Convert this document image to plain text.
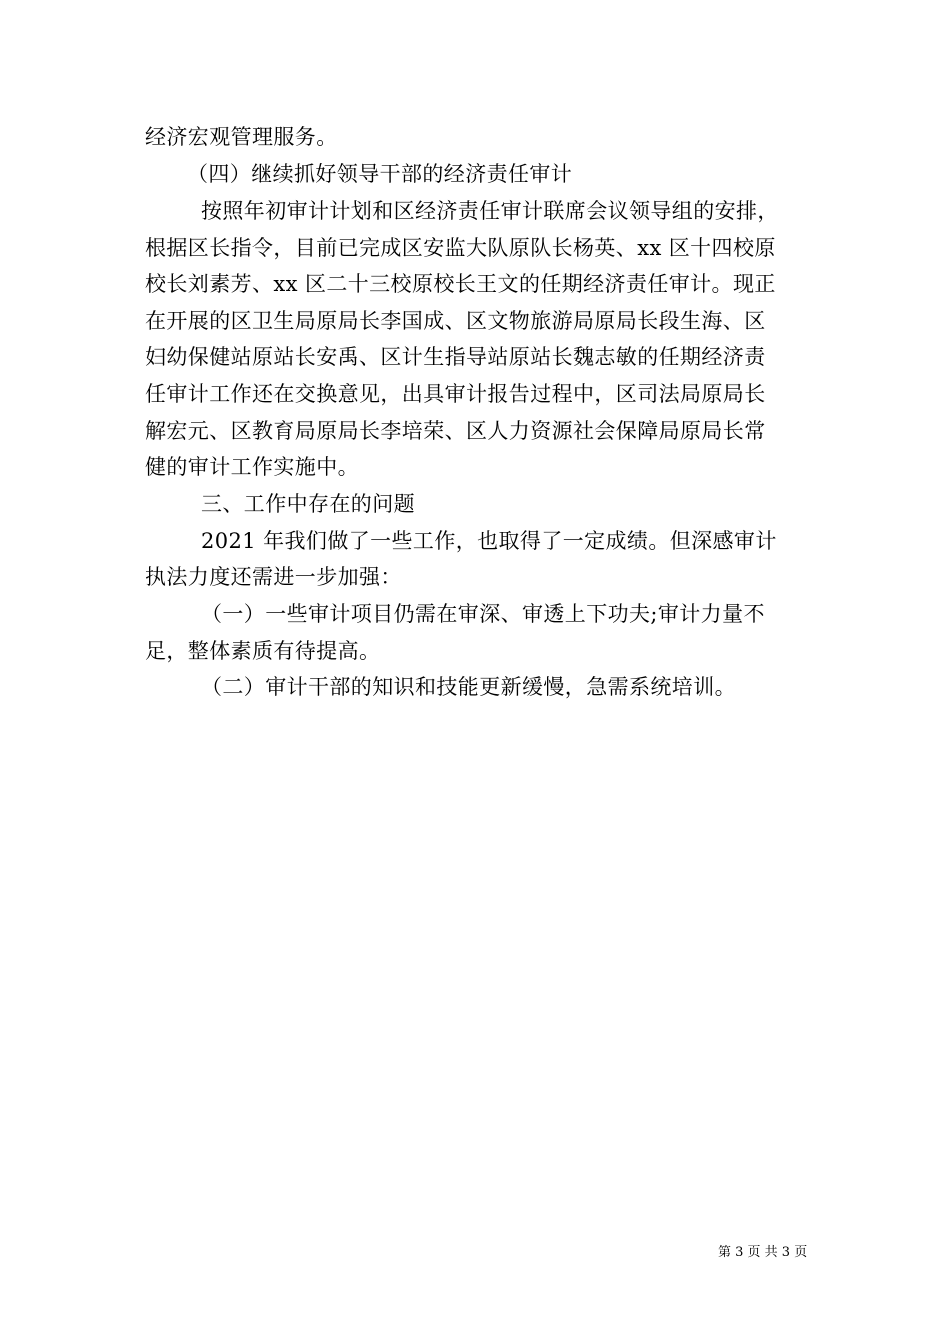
经济宏观管理服务。
（四）继续抓好领导干部的经济责任审计
按照年初审计计划和区经济责任审计联席会议领导组的安排，
根据区长指令，目前已完成区安监大队原队长杨英、xx 区十四校原
校长刘素芳、xx 区二十三校原校长王文的任期经济责任审计。现正
在开展的区卫生局原局长李国成、区文物旅游局原局长段生海、区
妇幼保健站原站长安禹、区计生指导站原站长魏志敏的任期经济责
任审计工作还在交换意见，出具审计报告过程中，区司法局原局长
解宏元、区教育局原局长李培荣、区人力资源社会保障局原局长常
健的审计工作实施中。
三、工作中存在的问题
2021 年我们做了一些工作，也取得了一定成绩。但深感审计
执法力度还需进一步加强：
（一）一些审计项目仍需在审深、审透上下功夫;审计力量不
足，整体素质有待提高。
（二）审计干部的知识和技能更新缓慢，急需系统培训。
第 3 页 共 3 页
